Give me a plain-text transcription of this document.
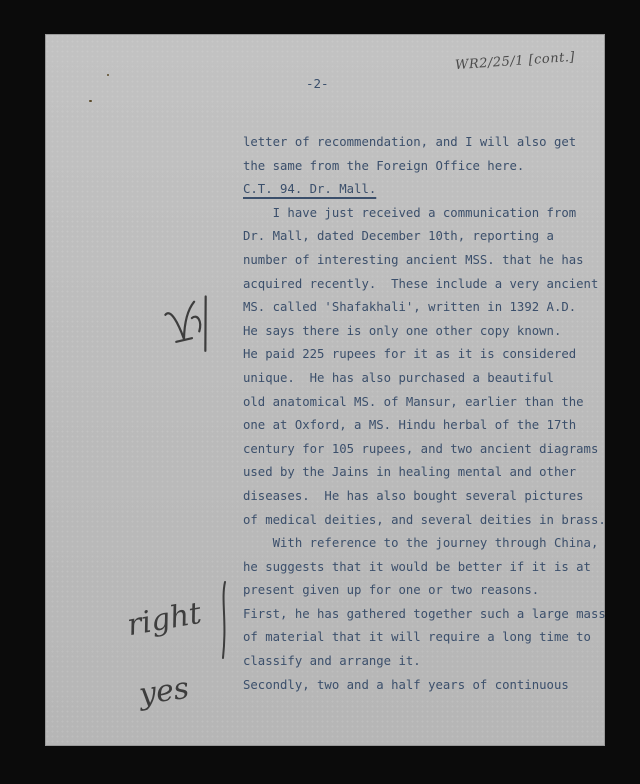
WR2/25/1 [cont.]
-2-
letter of recommendation, and I will also get
the same from the Foreign Office here.
C.T. 94. Dr. Mall.
I have just received a communication from
Dr. Mall, dated December 10th, reporting a
number of interesting ancient MSS. that he has
acquired recently.  These include a very ancient
MS. called 'Shafakhali', written in 1392 A.D.
He says there is only one other copy known.
He paid 225 rupees for it as it is considered
unique.  He has also purchased a beautiful
old anatomical MS. of Mansur, earlier than the
one at Oxford, a MS. Hindu herbal of the 17th
century for 105 rupees, and two ancient diagrams
used by the Jains in healing mental and other
diseases.  He has also bought several pictures
of medical deities, and several deities in brass.
With reference to the journey through China,
he suggests that it would be better if it is at
present given up for one or two reasons.
First, he has gathered together such a large mass
of material that it will require a long time to
classify and arrange it.
Secondly, two and a half years of continuous
right
yes
